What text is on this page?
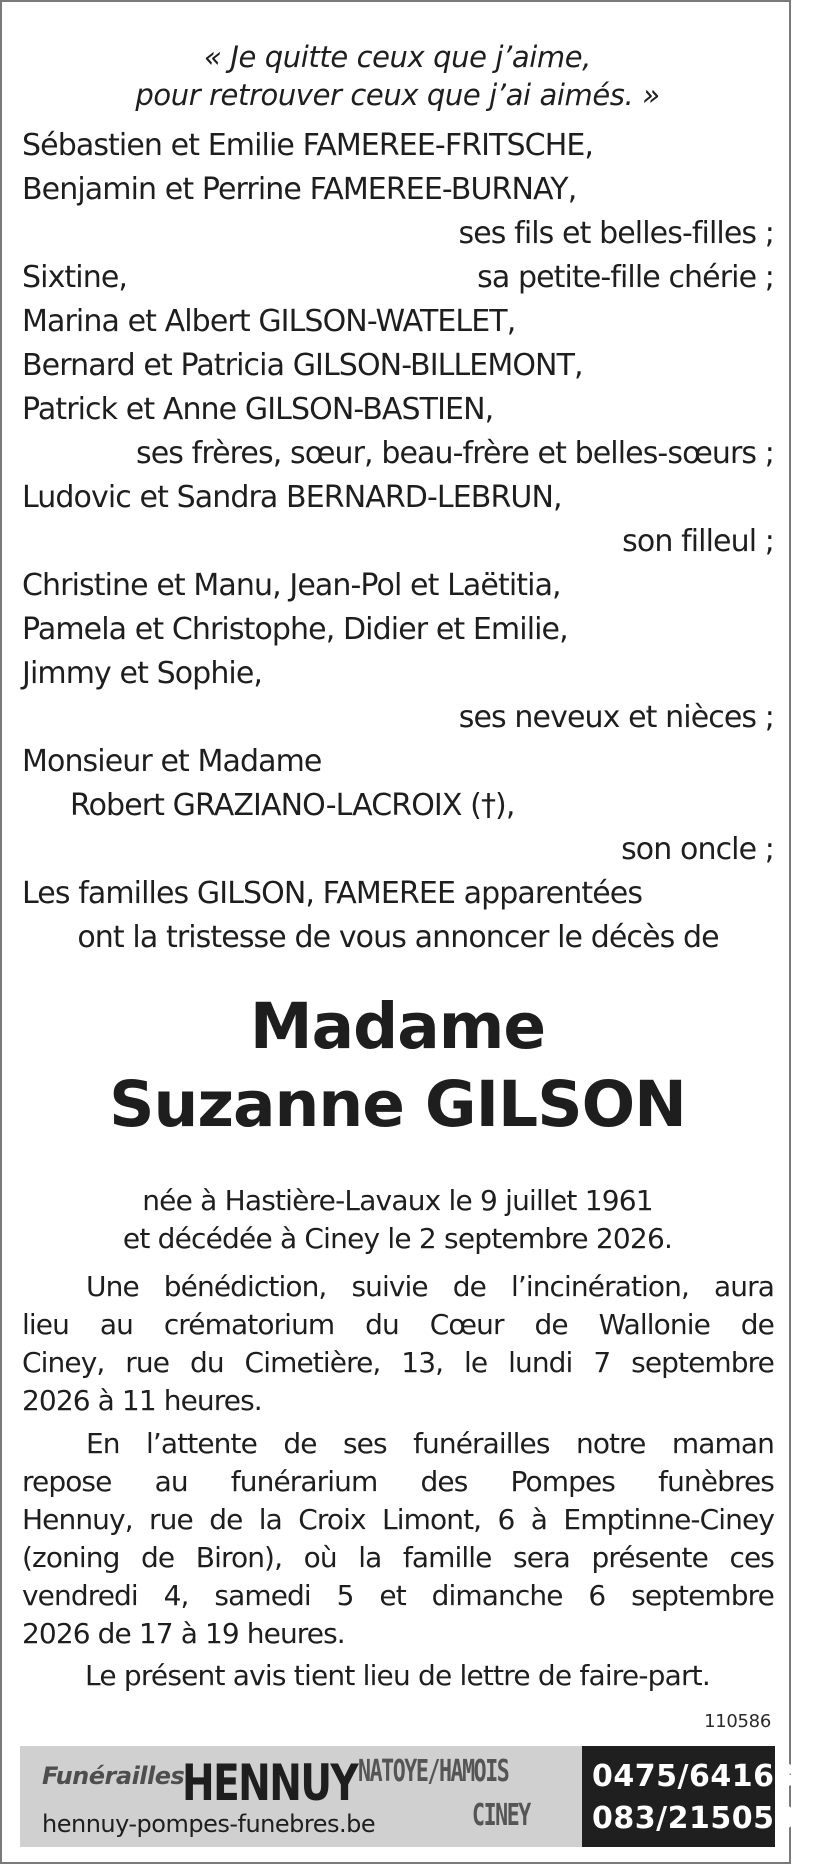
« Je quitte ceux que j’aime,
pour retrouver ceux que j’ai aimés. »
Sébastien et Emilie FAMEREE-FRITSCHE,
Benjamin et Perrine FAMEREE-BURNAY,
ses fils et belles-filles ;
Sixtine,	sa petite-fille chérie ;
Marina et Albert GILSON-WATELET,
Bernard et Patricia GILSON-BILLEMONT,
Patrick et Anne GILSON-BASTIEN,
ses frères, sœur, beau-frère et belles-sœurs ;
Ludovic et Sandra BERNARD-LEBRUN,
son filleul ;
Christine et Manu, Jean-Pol et Laëtitia,
Pamela et Christophe, Didier et Emilie,
Jimmy et Sophie,
ses neveux et nièces ;
Monsieur et Madame
Robert GRAZIANO-LACROIX (†),
son oncle ;
Les familles GILSON, FAMEREE apparentées
ont la tristesse de vous annoncer le décès de
Madame
Suzanne GILSON
née à Hastière-Lavaux le 9 juillet 1961
et décédée à Ciney le 2 septembre 2026.
Une bénédiction, suivie de l’incinération, aura
lieu au crématorium du Cœur de Wallonie de
Ciney, rue du Cimetière, 13, le lundi 7 septembre
2026 à 11 heures.
En l’attente de ses funérailles notre maman
repose au funérarium des Pompes funèbres
Hennuy, rue de la Croix Limont, 6 à Emptinne-Ciney
(zoning de Biron), où la famille sera présente ces
vendredi 4, samedi 5 et dimanche 6 septembre
2026 de 17 à 19 heures.
Le présent avis tient lieu de lettre de faire-part.
110586
Funérailles
HENNUY NATOYE/HAMOIS
CINEY
hennuy-pompes-funebres.be
0475/641682
083/215050
